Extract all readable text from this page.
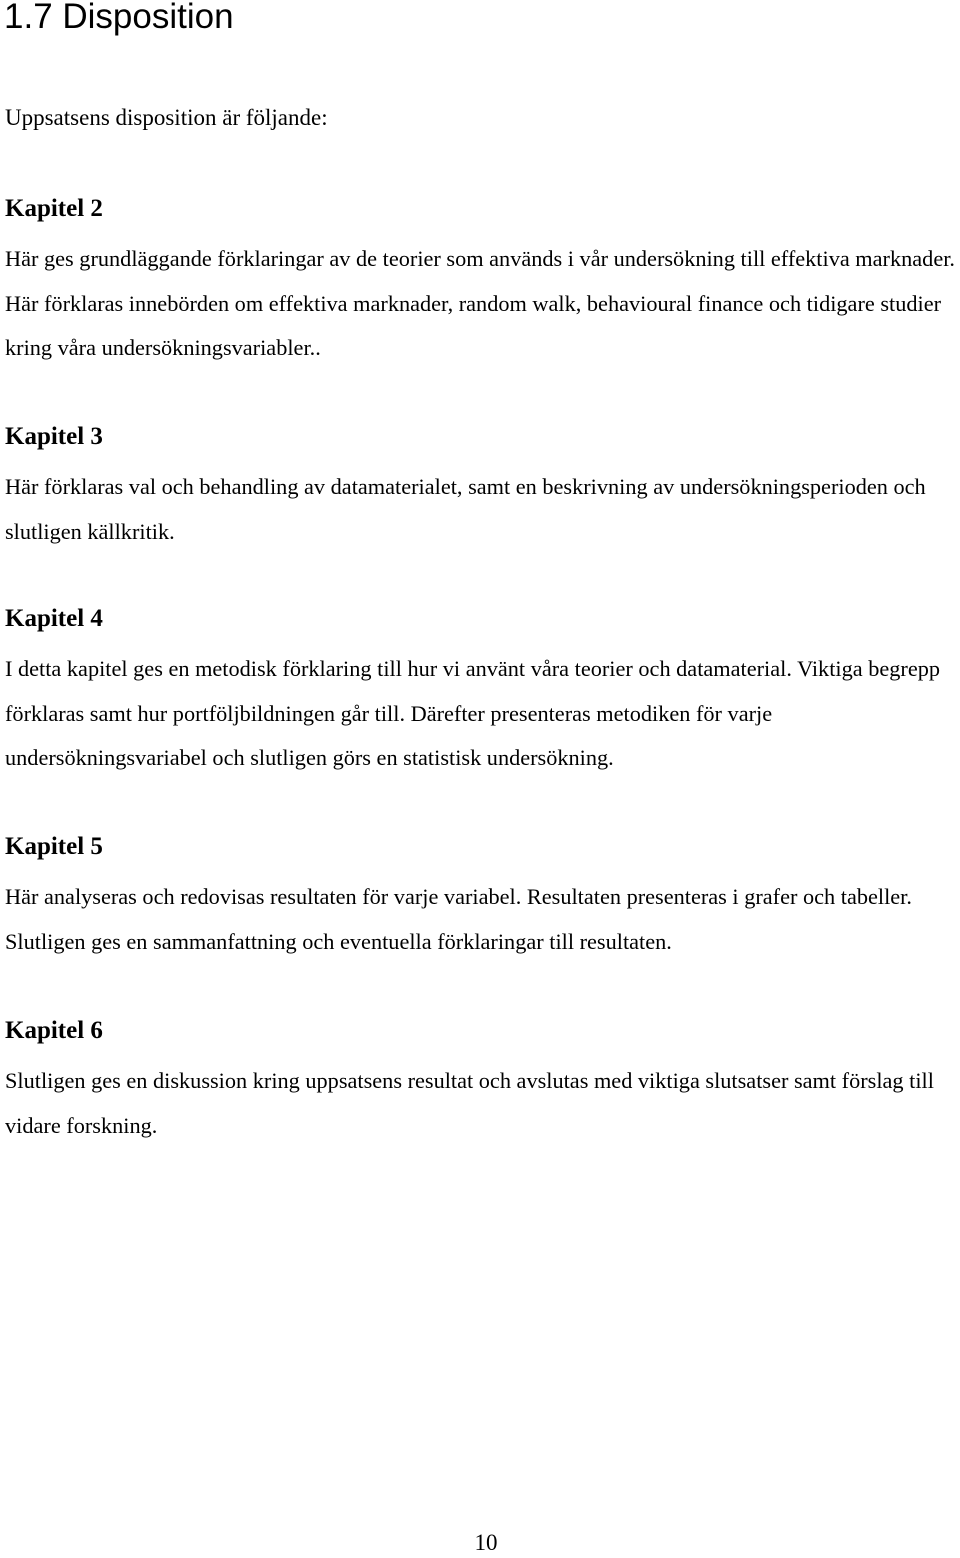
1.7 Disposition

Uppsatsens disposition är följande:

Kapitel 2

Här ges grundläggande förklaringar av de teorier som används i vår undersökning till effektiva marknader. Här förklaras innebörden om effektiva marknader, random walk, behavioural finance och tidigare studier kring våra undersökningsvariabler..

Kapitel 3

Här förklaras val och behandling av datamaterialet, samt en beskrivning av undersökningsperioden och slutligen källkritik.

Kapitel 4

I detta kapitel ges en metodisk förklaring till hur vi använt våra teorier och datamaterial. Viktiga begrepp förklaras samt hur portföljbildningen går till. Därefter presenteras metodiken för varje undersökningsvariabel och slutligen görs en statistisk undersökning.

Kapitel 5

Här analyseras och redovisas resultaten för varje variabel. Resultaten presenteras i grafer och tabeller. Slutligen ges en sammanfattning och eventuella förklaringar till resultaten.

Kapitel 6

Slutligen ges en diskussion kring uppsatsens resultat och avslutas med viktiga slutsatser samt förslag till vidare forskning.

10
